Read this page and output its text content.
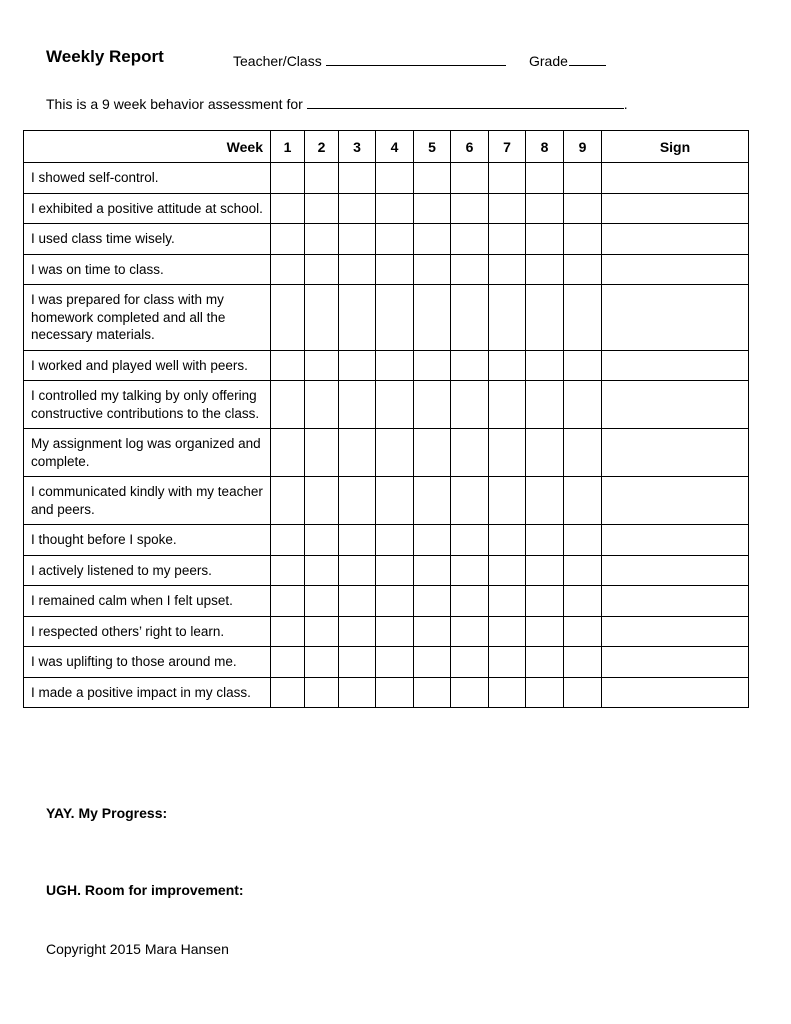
Weekly Report	Teacher/Class	Grade
This is a 9 week behavior assessment for	.
Week	1	2	3	4	5	6	7	8	9	Sign
I showed self-control.										
I exhibited a positive attitude at school.										
I used class time wisely.										
I was on time to class.										
I was prepared for class with my homework completed and all the necessary materials.										
I worked and played well with peers.										
I controlled my talking by only offering constructive contributions to the class.										
My assignment log was organized and complete.										
I communicated kindly with my teacher and peers.										
I thought before I spoke.										
I actively listened to my peers.										
I remained calm when I felt upset.										
I respected others’ right to learn.										
I was uplifting to those around me.										
I made a positive impact in my class.										
YAY. My Progress:
UGH. Room for improvement:
Copyright 2015 Mara Hansen
